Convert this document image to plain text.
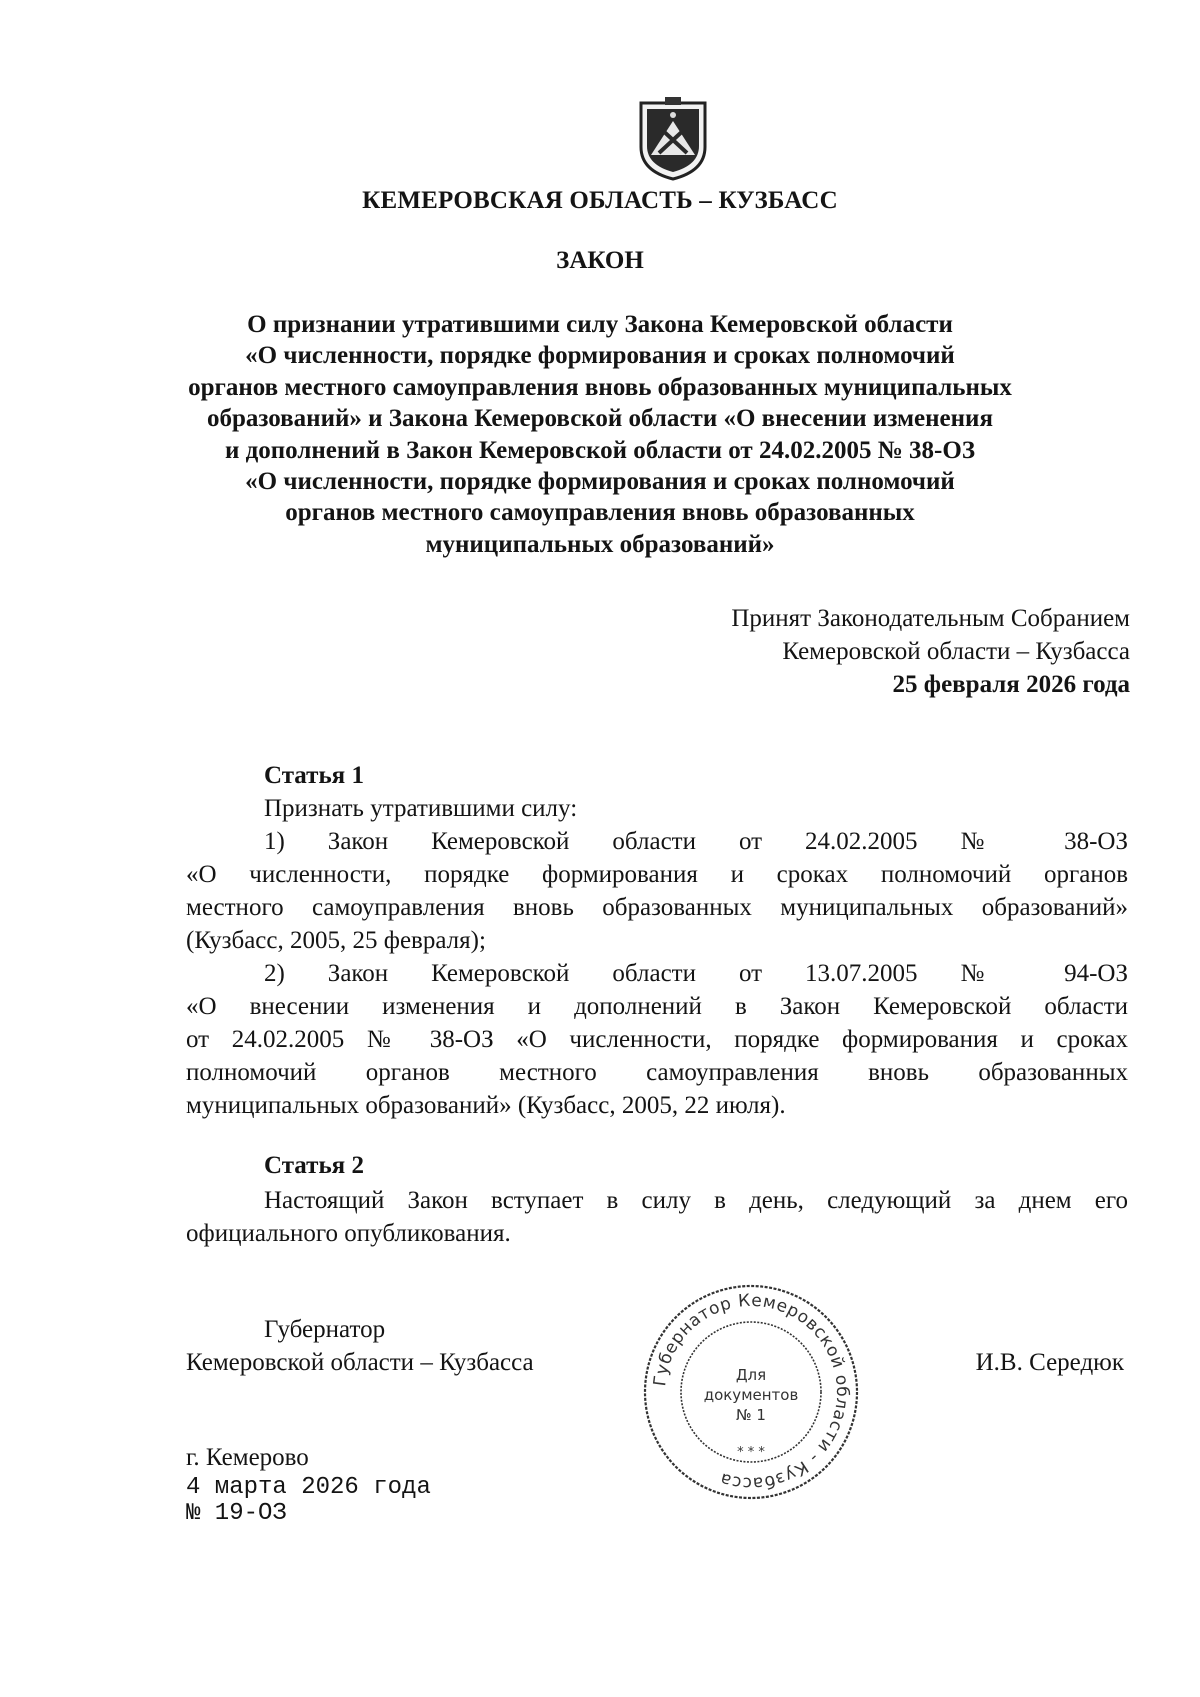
КЕМЕРОВСКАЯ ОБЛАСТЬ – КУЗБАСС
ЗАКОН
О признании утратившими силу Закона Кемеровской области
«О численности, порядке формирования и сроках полномочий
органов местного самоуправления вновь образованных муниципальных
образований» и Закона Кемеровской области «О внесении изменения
и дополнений в Закон Кемеровской области от 24.02.2005 № 38-ОЗ
«О численности, порядке формирования и сроках полномочий
органов местного самоуправления вновь образованных
муниципальных образований»
Принят Законодательным Собранием
Кемеровской области – Кузбасса
25 февраля 2026 года
Статья 1
Признать утратившими силу:
1) Закон Кемеровской области от 24.02.2005 № 38-ОЗ
«О численности, порядке формирования и сроках полномочий органов
местного самоуправления вновь образованных муниципальных образований»
(Кузбасс, 2005, 25 февраля);
2) Закон Кемеровской области от 13.07.2005 № 94-ОЗ
«О внесении изменения и дополнений в Закон Кемеровской области
от 24.02.2005 № 38-ОЗ «О численности, порядке формирования и сроках
полномочий органов местного самоуправления вновь образованных
муниципальных образований» (Кузбасс, 2005, 22 июля).
Статья 2
Настоящий Закон вступает в силу в день, следующий за днем его
официального опубликования.
Губернатор
Кемеровской области – Кузбасса	И.В. Середюк
Губернатор Кемеровской области - Кузбасса
Для
документов
№ 1
* * *
г. Кемерово
4 марта 2026 года
№ 19-ОЗ
